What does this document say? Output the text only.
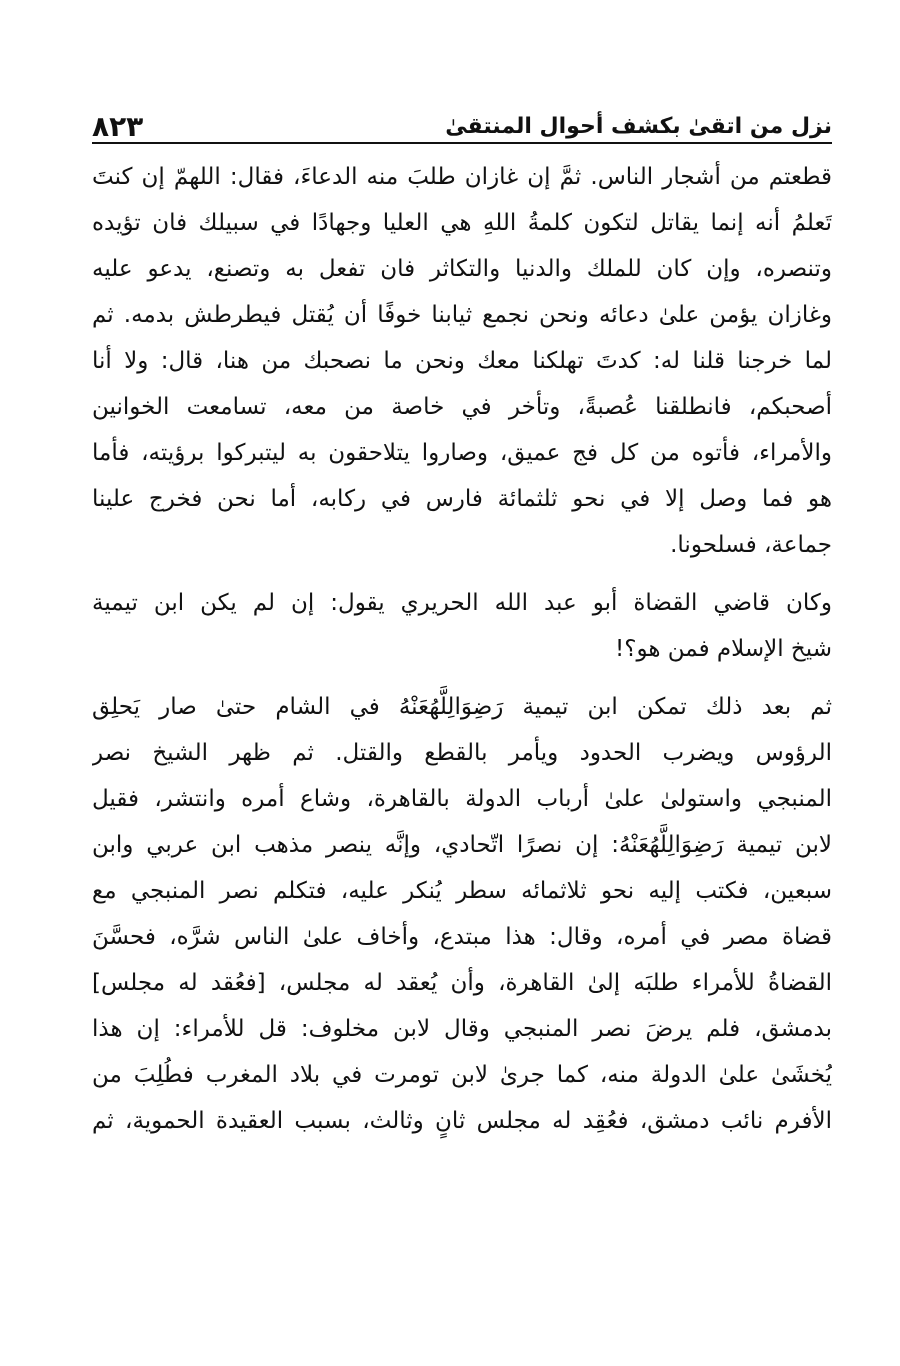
نزل من اتقىٰ بكشف أحوال المنتقىٰ
٨٢٣
قطعتم من أشجار الناس. ثمَّ إن غازان طلبَ منه الدعاءَ، فقال: اللهمّ إن كنتَ
تَعلمُ أنه إنما يقاتل لتكون كلمةُ اللهِ هي العليا وجهادًا في سبيلك فان تؤيده
وتنصره، وإن كان للملك والدنيا والتكاثر فان تفعل به وتصنع، يدعو عليه
وغازان يؤمن علىٰ دعائه ونحن نجمع ثيابنا خوفًا أن يُقتل فيطرطش بدمه. ثم
لما خرجنا قلنا له: كدتَ تهلكنا معك ونحن ما نصحبك من هنا، قال: ولا أنا
أصحبكم، فانطلقنا عُصبةً، وتأخر في خاصة من معه، تسامعت الخوانين
والأمراء، فأتوه من كل فج عميق، وصاروا يتلاحقون به ليتبركوا برؤيته، فأما
هو فما وصل إلا في نحو ثلثمائة فارس في ركابه، أما نحن فخرج علينا
جماعة، فسلحونا.
وكان قاضي القضاة أبو عبد الله الحريري يقول: إن لم يكن ابن تيمية
شيخ الإسلام فمن هو؟!
ثم بعد ذلك تمكن ابن تيمية رَضِوَالِلَّهُعَنْهُ في الشام حتىٰ صار يَحلِق
الرؤوس ويضرب الحدود ويأمر بالقطع والقتل. ثم ظهر الشيخ نصر
المنبجي واستولىٰ علىٰ أرباب الدولة بالقاهرة، وشاع أمره وانتشر، فقيل
لابن تيمية رَضِوَالِلَّهُعَنْهُ: إن نصرًا اتّحادي، وإنَّه ينصر مذهب ابن عربي وابن
سبعين، فكتب إليه نحو ثلاثمائه سطر يُنكر عليه، فتكلم نصر المنبجي مع
قضاة مصر في أمره، وقال: هذا مبتدع، وأخاف علىٰ الناس شرَّه، فحسَّنَ
القضاةُ للأمراء طلبَه إلىٰ القاهرة، وأن يُعقد له مجلس، [فعُقد له مجلس]
بدمشق، فلم يرضَ نصر المنبجي وقال لابن مخلوف: قل للأمراء: إن هذا
يُخشَىٰ علىٰ الدولة منه، كما جرىٰ لابن تومرت في بلاد المغرب فطُلِبَ من
الأفرم نائب دمشق، فعُقِد له مجلس ثانٍ وثالث، بسبب العقيدة الحموية، ثم
